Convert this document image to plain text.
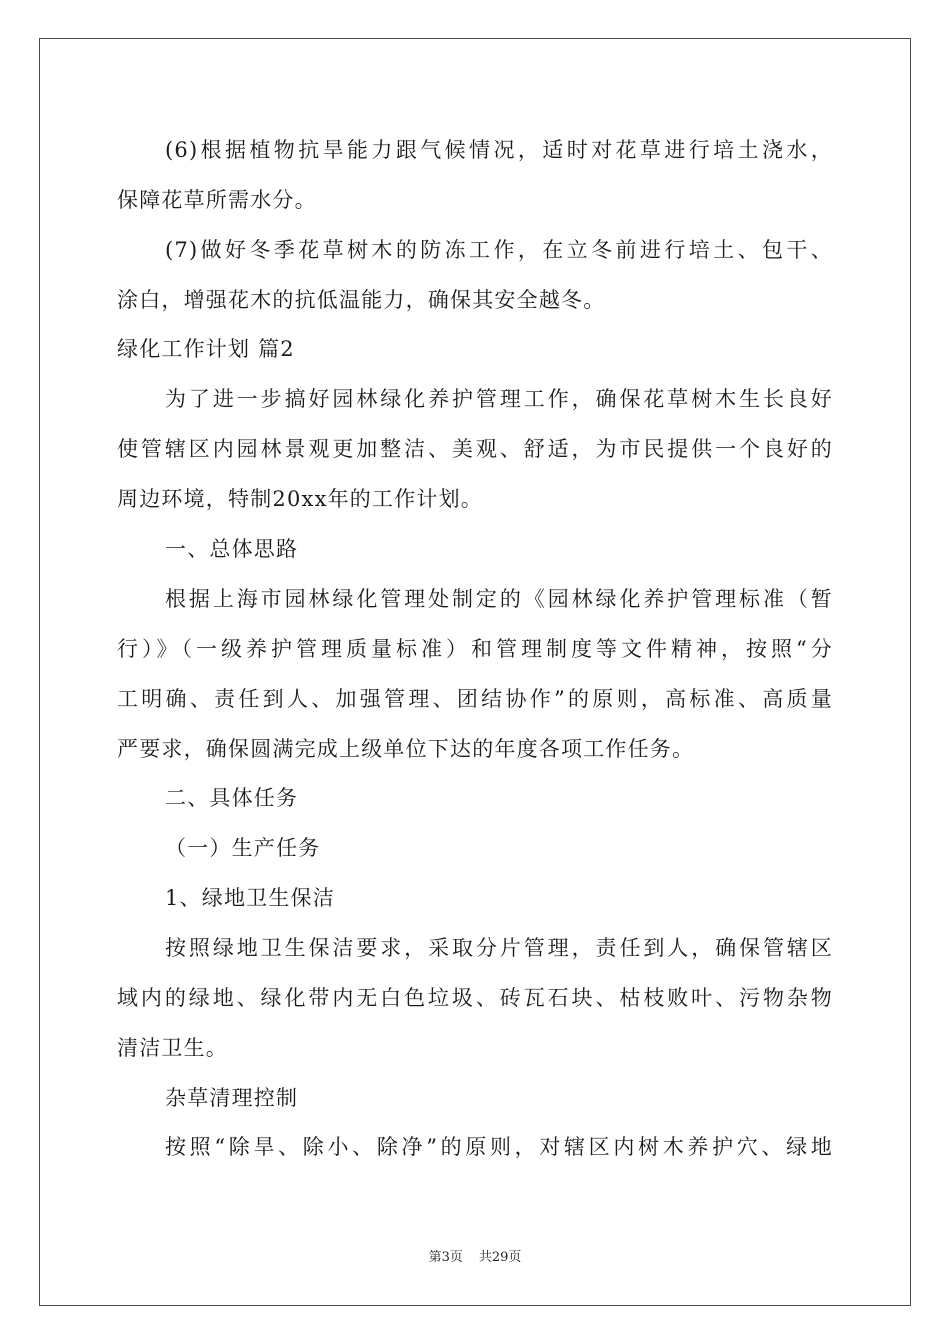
(6)根据植物抗旱能力跟气候情况，适时对花草进行培土浇水，
保障花草所需水分。
(7)做好冬季花草树木的防冻工作，在立冬前进行培土、包干、
涂白，增强花木的抗低温能力，确保其安全越冬。
绿化工作计划 篇2
为了进一步搞好园林绿化养护管理工作，确保花草树木生长良好
使管辖区内园林景观更加整洁、美观、舒适，为市民提供一个良好的
周边环境，特制20xx年的工作计划。
一、总体思路
根据上海市园林绿化管理处制定的《园林绿化养护管理标准（暂
行）》（一级养护管理质量标准）和管理制度等文件精神，按照“分
工明确、责任到人、加强管理、团结协作”的原则，高标准、高质量
严要求，确保圆满完成上级单位下达的年度各项工作任务。
二、具体任务
（一）生产任务
1、绿地卫生保洁
按照绿地卫生保洁要求，采取分片管理，责任到人，确保管辖区
域内的绿地、绿化带内无白色垃圾、砖瓦石块、枯枝败叶、污物杂物
清洁卫生。
杂草清理控制
按照“除旱、除小、除净”的原则，对辖区内树木养护穴、绿地
第3页 共29页
